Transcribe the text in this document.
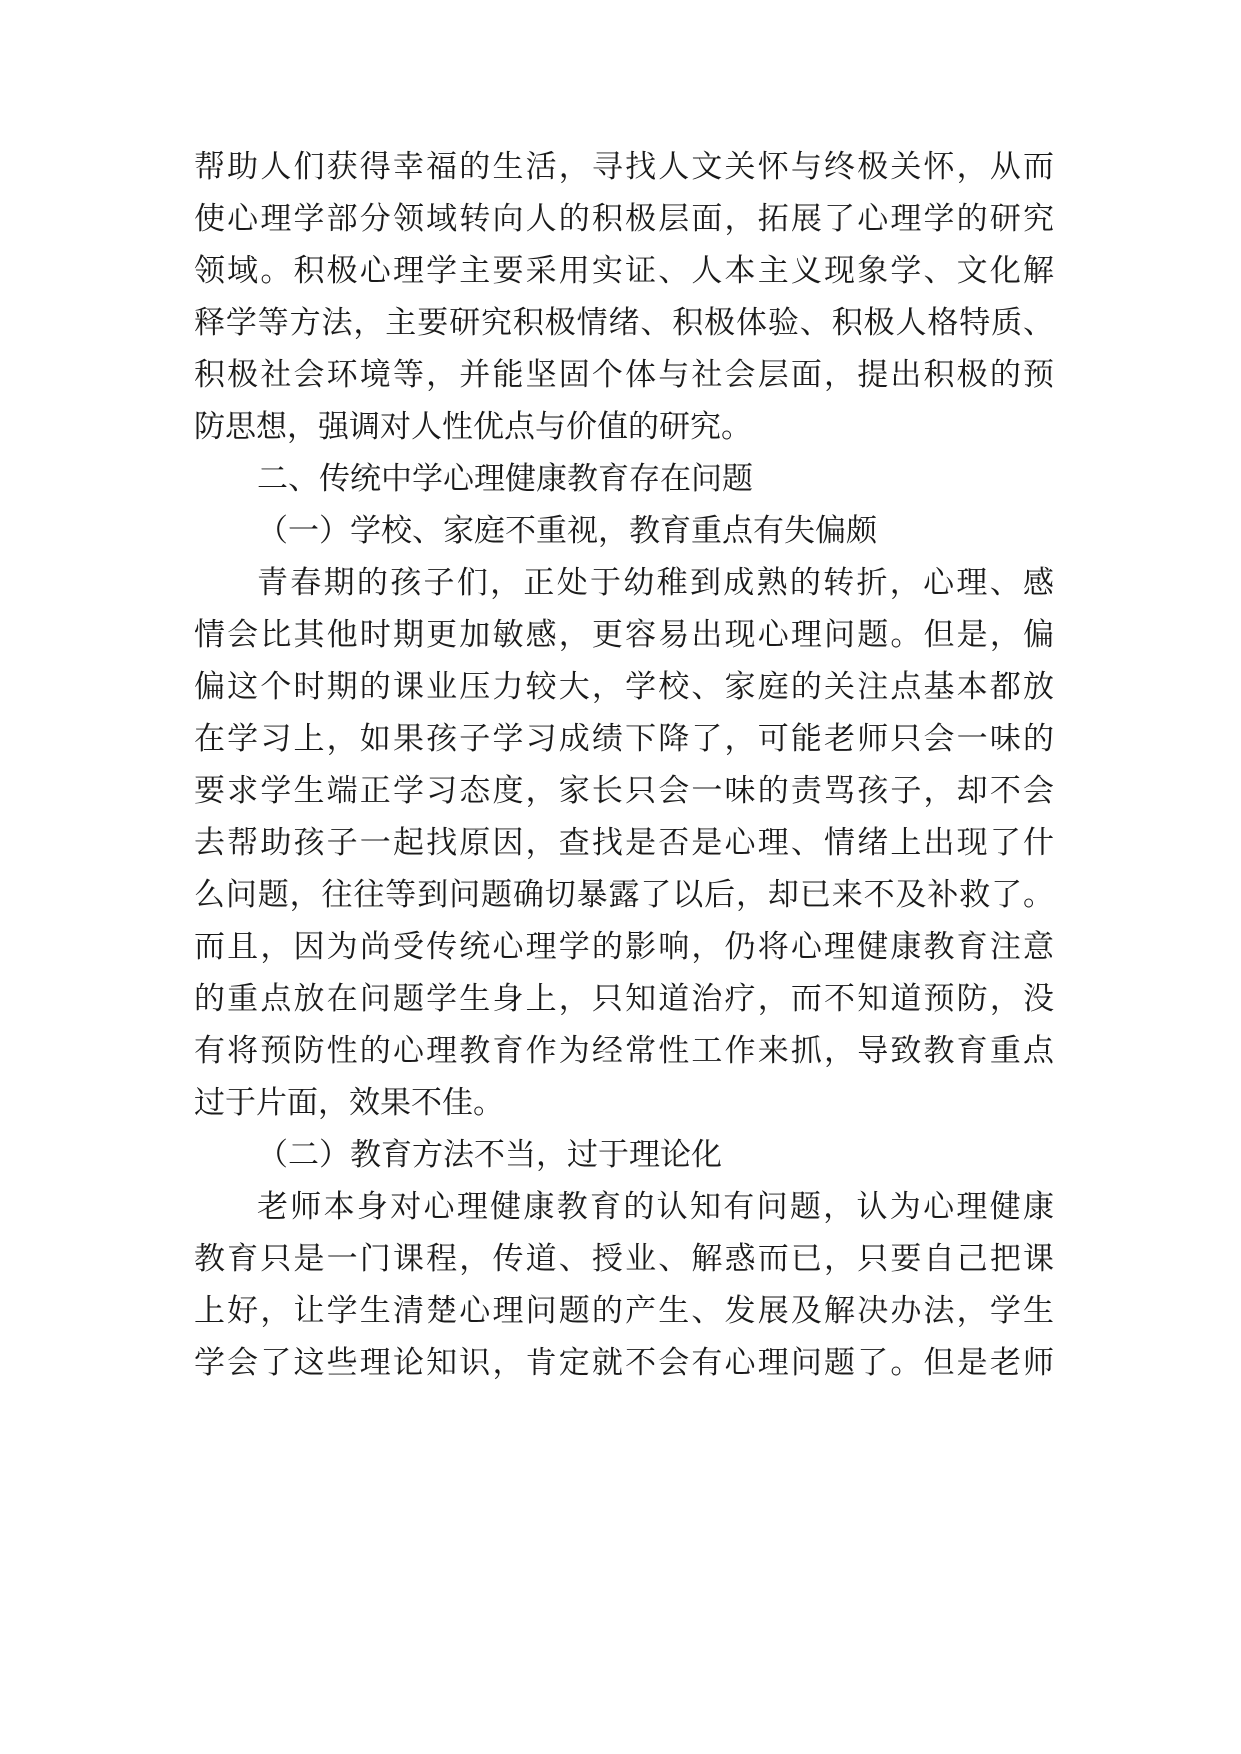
帮助人们获得幸福的生活，寻找人文关怀与终极关怀，从而

使心理学部分领域转向人的积极层面，拓展了心理学的研究

领域。积极心理学主要采用实证、人本主义现象学、文化解

释学等方法，主要研究积极情绪、积极体验、积极人格特质、

积极社会环境等，并能坚固个体与社会层面，提出积极的预

防思想，强调对人性优点与价值的研究。

二、传统中学心理健康教育存在问题

（一）学校、家庭不重视，教育重点有失偏颇

青春期的孩子们，正处于幼稚到成熟的转折，心理、感

情会比其他时期更加敏感，更容易出现心理问题。但是，偏

偏这个时期的课业压力较大，学校、家庭的关注点基本都放

在学习上，如果孩子学习成绩下降了，可能老师只会一味的

要求学生端正学习态度，家长只会一味的责骂孩子，却不会

去帮助孩子一起找原因，查找是否是心理、情绪上出现了什

么问题，往往等到问题确切暴露了以后，却已来不及补救了。

而且，因为尚受传统心理学的影响，仍将心理健康教育注意

的重点放在问题学生身上，只知道治疗，而不知道预防，没

有将预防性的心理教育作为经常性工作来抓，导致教育重点

过于片面，效果不佳。

（二）教育方法不当，过于理论化

老师本身对心理健康教育的认知有问题，认为心理健康

教育只是一门课程，传道、授业、解惑而已，只要自己把课

上好，让学生清楚心理问题的产生、发展及解决办法，学生

学会了这些理论知识，肯定就不会有心理问题了。但是老师
